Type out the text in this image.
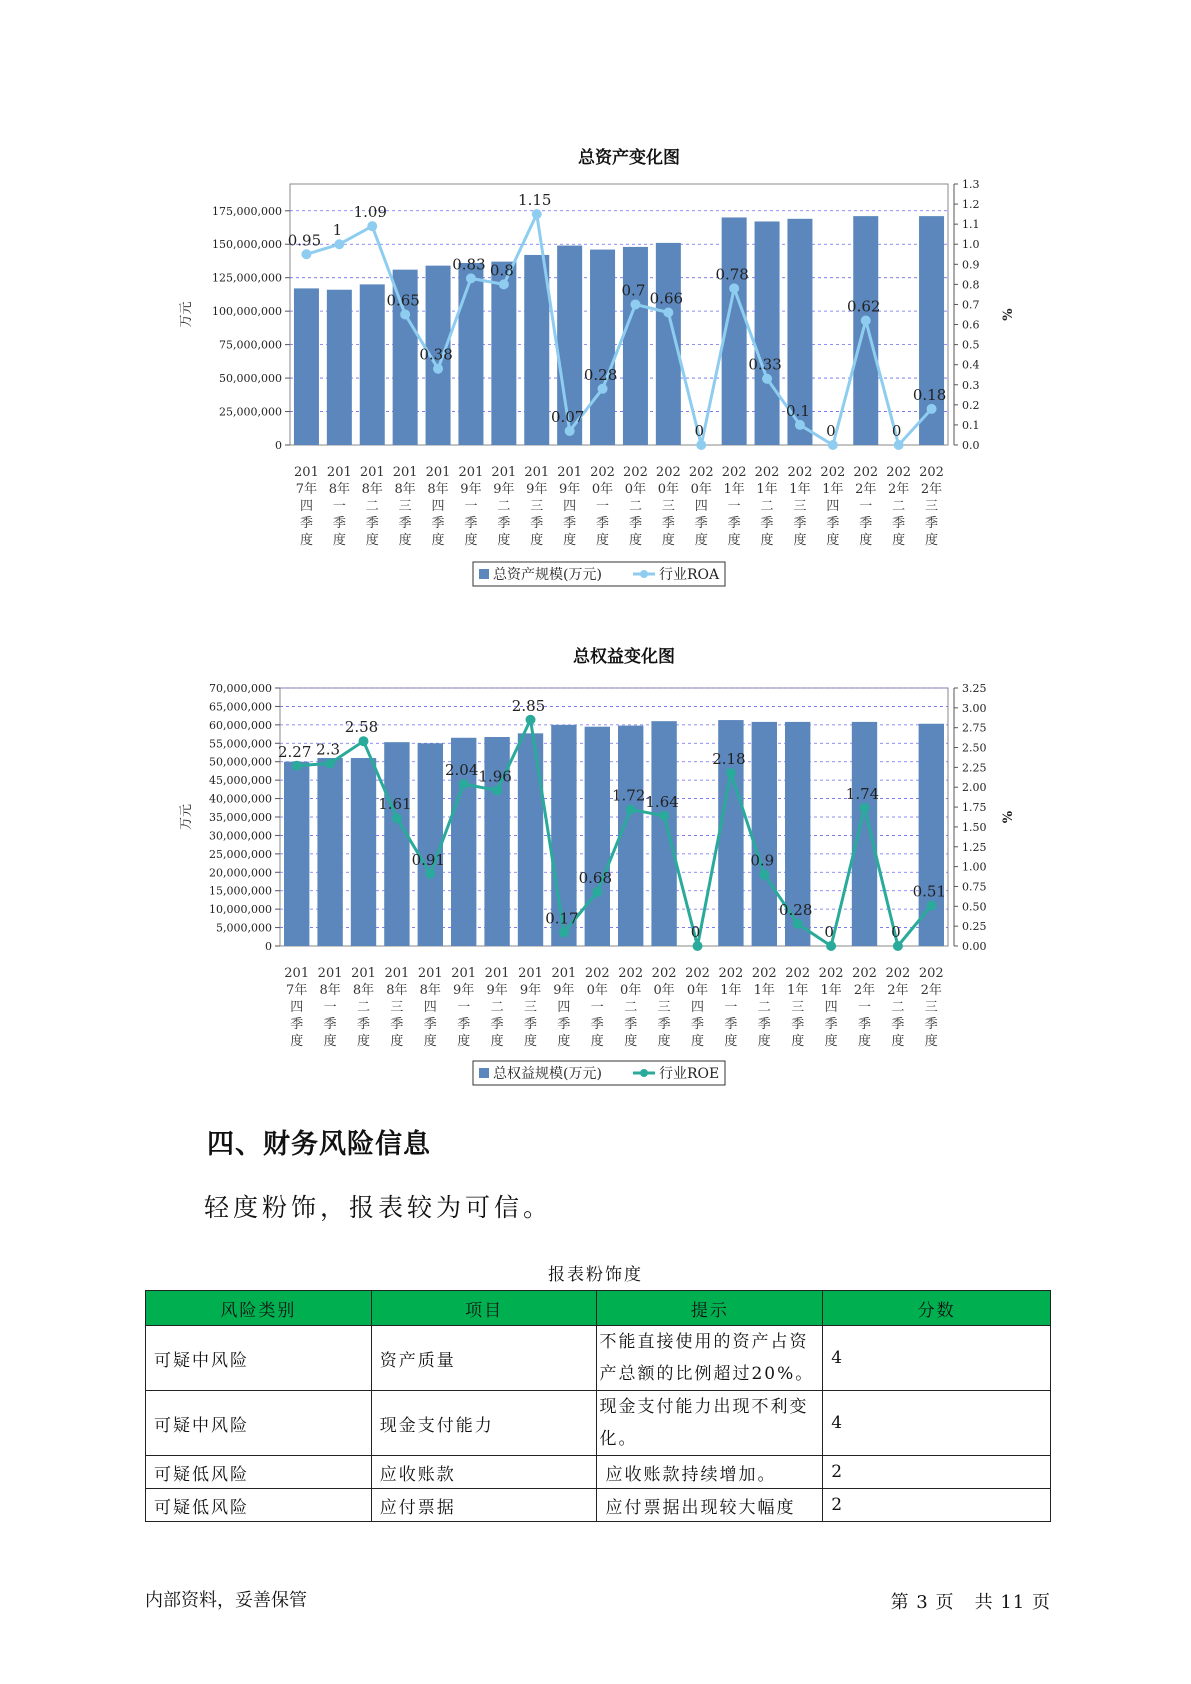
总资产变化图
0
25,000,000
50,000,000
75,000,000
100,000,000
125,000,000
150,000,000
175,000,000
0.0
0.1
0.2
0.3
0.4
0.5
0.6
0.7
0.8
0.9
1.0
1.1
1.2
1.3
万元	%
0.95
1
1.09
0.65
0.38
0.83 0.8
1.15
0.07
0.28
0.7 0.66
0
0.78
0.33
0.1
0
0.62
0
0.18
201
7年
四
季
度
201
8年
一
季
度
201
8年
二
季
度
201
8年
三
季
度
201
8年
四
季
度
201
9年
一
季
度
201
9年
二
季
度
201
9年
三
季
度
201
9年
四
季
度
202
0年
一
季
度
202
0年
二
季
度
202
0年
三
季
度
202
0年
四
季
度
202
1年
一
季
度
202
1年
二
季
度
202
1年
三
季
度
202
1年
四
季
度
202
2年
一
季
度
202
2年
二
季
度
202
2年
三
季
度
总资产规模(万元)	行业ROA
总权益变化图
0
5,000,000
10,000,000
15,000,000
20,000,000
25,000,000
30,000,000
35,000,000
40,000,000
45,000,000
50,000,000
55,000,000
60,000,000
65,000,000
70,000,000
0.00
0.25
0.50
0.75
1.00
1.25
1.50
1.75
2.00
2.25
2.50
2.75
3.00
3.25
万元	%
2.27 2.3
2.58
1.61
0.91
2.04 1.96
2.85
0.17
0.68
1.72 1.64
0
2.18
0.9
0.28
0
1.74
0
0.51
201
7年
四
季
度
201
8年
一
季
度
201
8年
二
季
度
201
8年
三
季
度
201
8年
四
季
度
201
9年
一
季
度
201
9年
二
季
度
201
9年
三
季
度
201
9年
四
季
度
202
0年
一
季
度
202
0年
二
季
度
202
0年
三
季
度
202
0年
四
季
度
202
1年
一
季
度
202
1年
二
季
度
202
1年
三
季
度
202
1年
四
季
度
202
2年
一
季
度
202
2年
二
季
度
202
2年
三
季
度
总权益规模(万元)	行业ROE
四、财务风险信息
轻度粉饰，报表较为可信。
报表粉饰度
风险类别	项目	提示	分数
可疑中风险	资产质量	不能直接使用的资产占资产总额的比例超过20%。	4
可疑中风险	现金支付能力	现金支付能力出现不利变化。	4
可疑低风险	应收账款	应收账款持续增加。	2
可疑低风险	应付票据	应付票据出现较大幅度	2
内部资料，妥善保管	第 3 页   共 11 页
